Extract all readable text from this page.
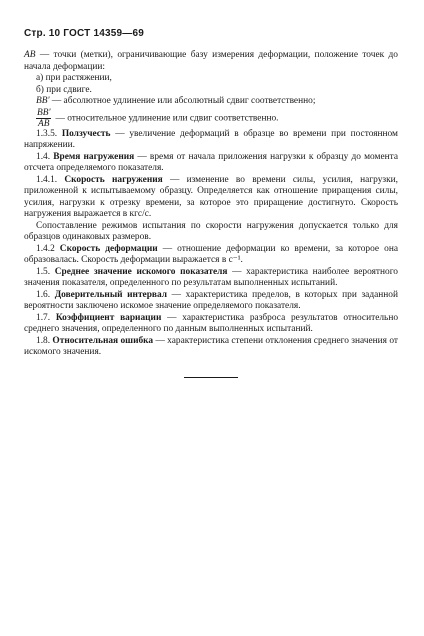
Стр. 10 ГОСТ 14359—69

AB — точки (метки), ограничивающие базу измерения деформации, положение точек до начала деформации:

а) при растяжении,

б) при сдвиге.

BB' — абсолютное удлинение или абсолютный сдвиг соответственно;

$\frac{BB'}{AB}$ — относительное удлинение или сдвиг соответственно.

1.3.5. Ползучесть — увеличение деформаций в образце во времени при постоянном напряжении.

1.4. Время нагружения — время от начала приложения нагрузки к образцу до момента отсчета определяемого показателя.

1.4.1. Скорость нагружения — изменение во времени силы, усилия, нагрузки, приложенной к испытываемому образцу. Определяется как отношение приращения силы, усилия, нагрузки к отрезку времени, за которое это приращение достигнуто. Скорость нагружения выражается в кгс/с.

Сопоставление режимов испытания по скорости нагружения допускается только для образцов одинаковых размеров.

1.4.2 Скорость деформации — отношение деформации ко времени, за которое она образовалась. Скорость деформации выражается в с⁻¹.

1.5. Среднее значение искомого показателя — характеристика наиболее вероятного значения показателя, определенного по результатам выполненных испытаний.

1.6. Доверительный интервал — характеристика пределов, в которых при заданной вероятности заключено искомое значение определяемого показателя.

1.7. Коэффициент вариации — характеристика разброса результатов относительно среднего значения, определенного по данным выполненных испытаний.

1.8. Относительная ошибка — характеристика степени отклонения среднего значения от искомого значения.
